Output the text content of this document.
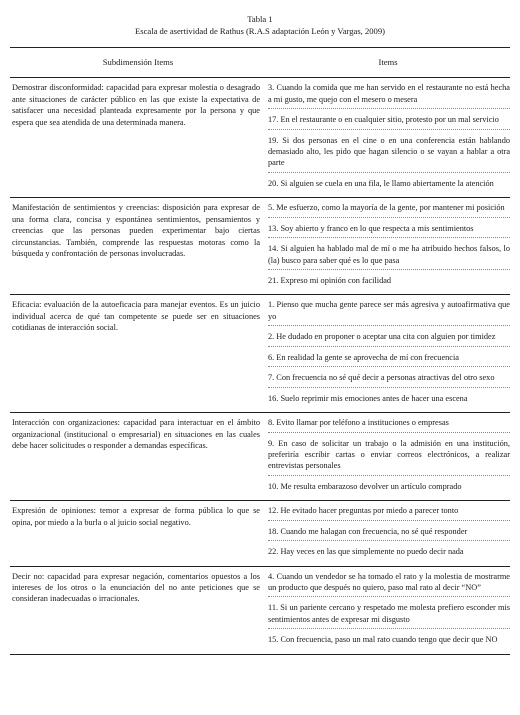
Tabla 1
Escala de asertividad de Rathus (R.A.S adaptación León y Vargas, 2009)
Subdimensión Items	Items
Demostrar disconformidad: capacidad para expresar molestia o desagrado ante situaciones de carácter público en las que existe la expectativa de satisfacer una necesidad planteada expresamente por la persona y que espera que sea atendida de una determinada manera.
3. Cuando la comida que me han servido en el restaurante no está hecha a mi gusto, me quejo con el mesero o mesera
17. En el restaurante o en cualquier sitio, protesto por un mal servicio
19. Si dos personas en el cine o en una conferencia están hablando demasiado alto, les pido que hagan silencio o se vayan a hablar a otra parte
20. Si alguien se cuela en una fila, le llamo abiertamente la atención
Manifestación de sentimientos y creencias: disposición para expresar de una forma clara, concisa y espontánea sentimientos, pensamientos y creencias que las personas pueden experimentar bajo ciertas circunstancias. También, comprende las respuestas motoras como la búsqueda y confrontación de personas involucradas.
5. Me esfuerzo, como la mayoría de la gente, por mantener mi posición
13. Soy abierto y franco en lo que respecta a mis sentimientos
14. Si alguien ha hablado mal de mí o me ha atribuido hechos falsos, lo (la) busco para saber qué es lo que pasa
21. Expreso mi opinión con facilidad
Eficacia: evaluación de la autoeficacia para manejar eventos. Es un juicio individual acerca de qué tan competente se puede ser en situaciones cotidianas de interacción social.
1. Pienso que mucha gente parece ser más agresiva y autoafirmativa que yo
2. He dudado en proponer o aceptar una cita con alguien por timidez
6. En realidad la gente se aprovecha de mí con frecuencia
7. Con frecuencia no sé qué decir a personas atractivas del otro sexo
16. Suelo reprimir mis emociones antes de hacer una escena
Interacción con organizaciones: capacidad para interactuar en el ámbito organizacional (institucional o empresarial) en situaciones en las cuales debe hacer solicitudes o responder a demandas específicas.
8. Evito llamar por teléfono a instituciones o empresas
9. En caso de solicitar un trabajo o la admisión en una institución, preferiría escribir cartas o enviar correos electrónicos, a realizar entrevistas personales
10. Me resulta embarazoso devolver un artículo comprado
Expresión de opiniones: temor a expresar de forma pública lo que se opina, por miedo a la burla o al juicio social negativo.
12. He evitado hacer preguntas por miedo a parecer tonto
18. Cuando me halagan con frecuencia, no sé qué responder
22. Hay veces en las que simplemente no puedo decir nada
Decir no: capacidad para expresar negación, comentarios opuestos a los intereses de los otros o la enunciación del no ante peticiones que se consideran inadecuadas o irracionales.
4. Cuando un vendedor se ha tomado el rato y la molestia de mostrarme un producto que después no quiero, paso mal rato al decir “NO”
11. Si un pariente cercano y respetado me molesta prefiero esconder mis sentimientos antes de expresar mi disgusto
15. Con frecuencia, paso un mal rato cuando tengo que decir que NO
